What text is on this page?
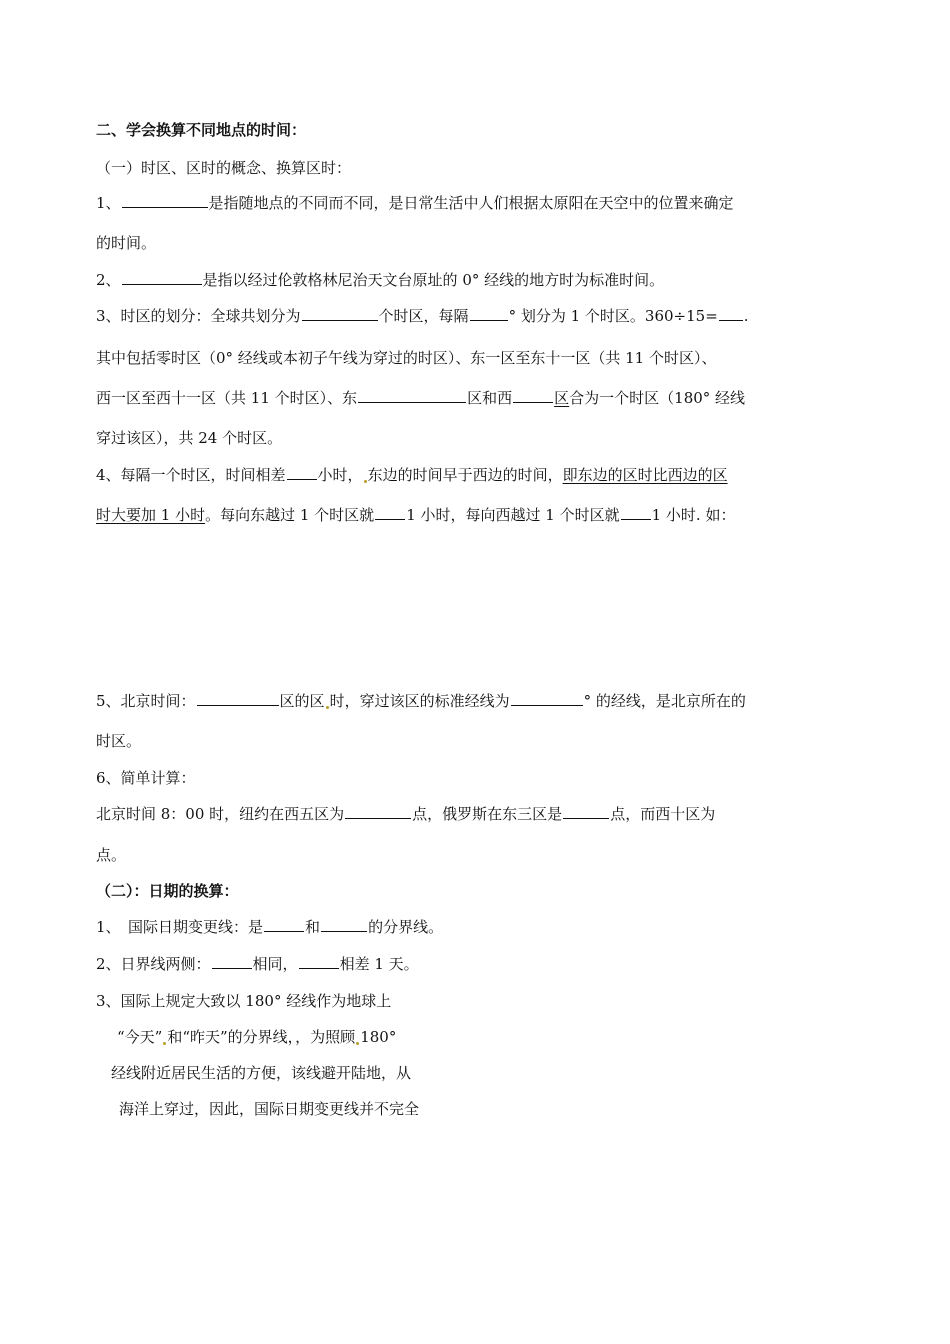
二、学会换算不同地点的时间：
（一）时区、区时的概念、换算区时：
1、	是指随地点的不同而不同，是日常生活中人们根据太原阳在天空中的位置来确定
的时间。
2、	是指以经过伦敦格林尼治天文台原址的 0° 经线的地方时为标准时间。
3、时区的划分：全球共划分为	个时区，每隔	° 划分为 1 个时区。360÷15= .
其中包括零时区（0° 经线或本初子午线为穿过的时区）、东一区至东十一区（共 11 个时区）、
西一区至西十一区（共 11 个时区）、东	区和西	区合为一个时区（180° 经线
穿过该区），共 24 个时区。
4、每隔一个时区，时间相差 小时， 东边的时间早于西边的时间，即东边的区时比西边的区
时大要加 1 小时。每向东越过 1 个时区就 1 小时，每向西越过 1 个时区就 1 小时. 如：
5、北京时间：	区的区 时，穿过该区的标准经线为	° 的经线，是北京所在的
时区。
6、简单计算：
北京时间 8：00 时，纽约在西五区为	点，俄罗斯在东三区是	点，而西十区为
点。
（二）：日期的换算：
1、　国际日期变更线：是	和	的分界线。
2、日界线两侧：	相同，	相差 1 天。
3、国际上规定大致以 180° 经线作为地球上
“今天” 和“昨天”的分界线，，为照顾 180°
经线附近居民生活的方便，该线避开陆地，从
海洋上穿过，因此，国际日期变更线并不完全
